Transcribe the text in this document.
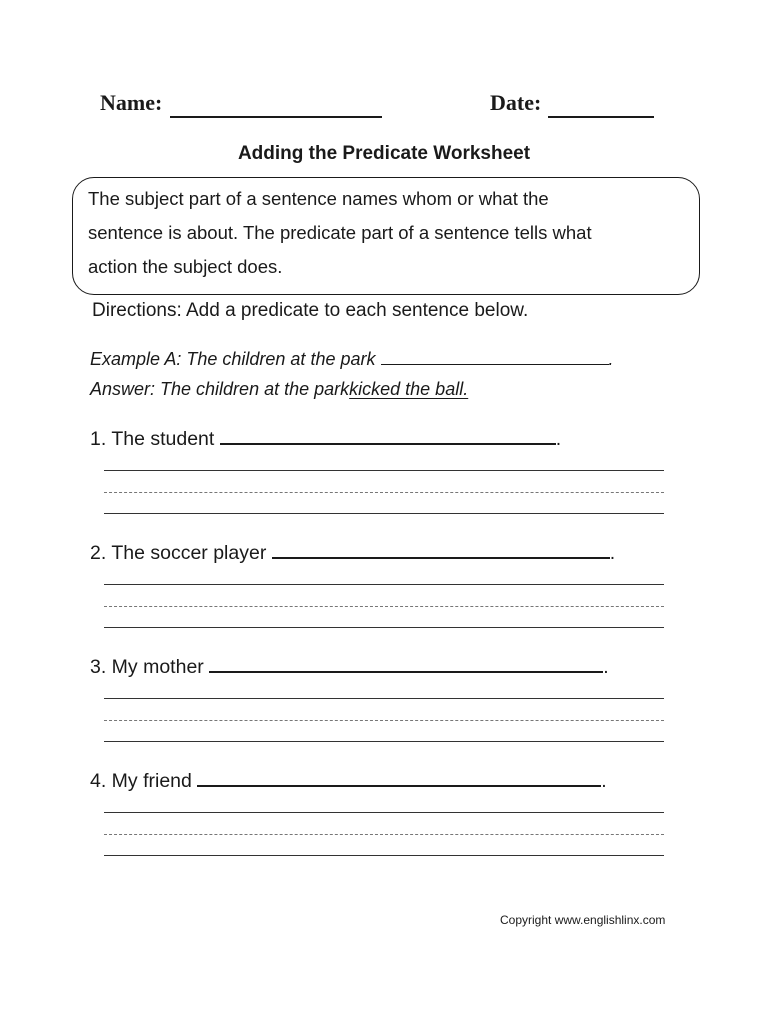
Name:	Date:
Adding the Predicate Worksheet
The subject part of a sentence names whom or what the
sentence is about. The predicate part of a sentence tells what
action the subject does.
Directions: Add a predicate to each sentence below.
Example A: The children at the park	.
Answer: The children at the parkkicked the ball.
1. The student	.
2. The soccer player	.
3. My mother	.
4. My friend	.
Copyright www.englishlinx.com
